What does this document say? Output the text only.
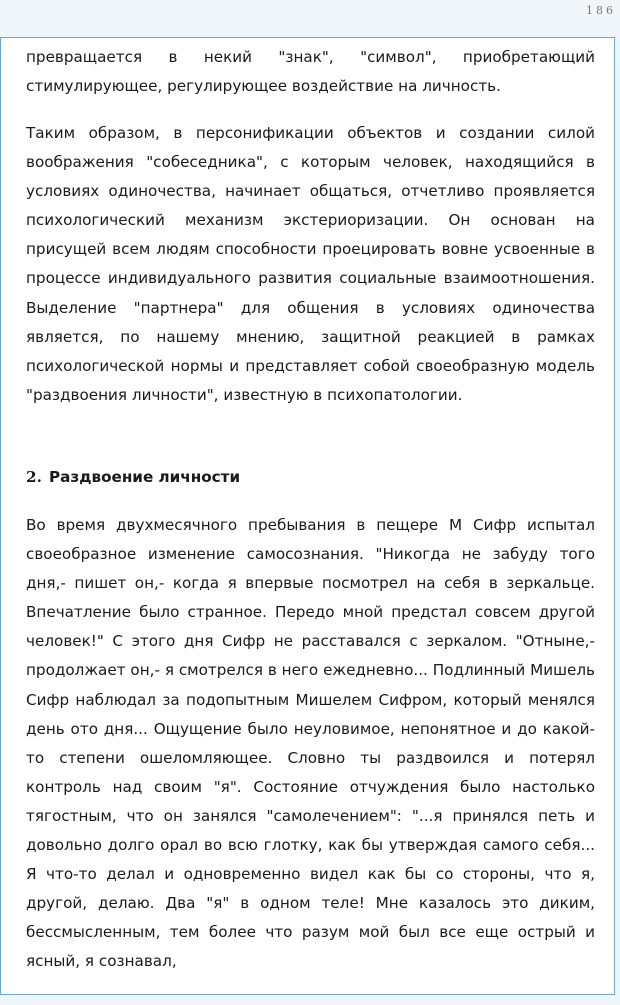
186

превращается в некий "знак", "символ", приобретающий стимулирующее, регулирующее воздействие на личность.

Таким образом, в персонификации объектов и создании силой воображения "собеседника", с которым человек, находящийся в условиях одиночества, начинает общаться, отчетливо проявляется психологический механизм экстериоризации. Он основан на присущей всем людям способности проецировать вовне усвоенные в процессе индивидуального развития социальные взаимоотношения. Выделение "партнера" для общения в условиях одиночества является, по нашему мнению, защитной реакцией в рамках психологической нормы и представляет собой своеобразную модель "раздвоения личности", известную в психопатологии.

2. Раздвоение личности

Во время двухмесячного пребывания в пещере М Сифр испытал своеобразное изменение самосознания. "Никогда не забуду того дня,- пишет он,- когда я впервые посмотрел на себя в зеркальце. Впечатление было странное. Передо мной предстал совсем другой человек!" С этого дня Сифр не расставался с зеркалом. "Отныне,- продолжает он,- я смотрелся в него ежедневно... Подлинный Мишель Сифр наблюдал за подопытным Мишелем Сифром, который менялся день ото дня... Ощущение было неуловимое, непонятное и до какой-то степени ошеломляющее. Словно ты раздвоился и потерял контроль над своим "я". Состояние отчуждения было настолько тягостным, что он занялся "самолечением": "...я принялся петь и довольно долго орал во всю глотку, как бы утверждая самого себя... Я что-то делал и одновременно видел как бы со стороны, что я, другой, делаю. Два "я" в одном теле! Мне казалось это диким, бессмысленным, тем более что разум мой был все еще острый и ясный, я сознавал,
